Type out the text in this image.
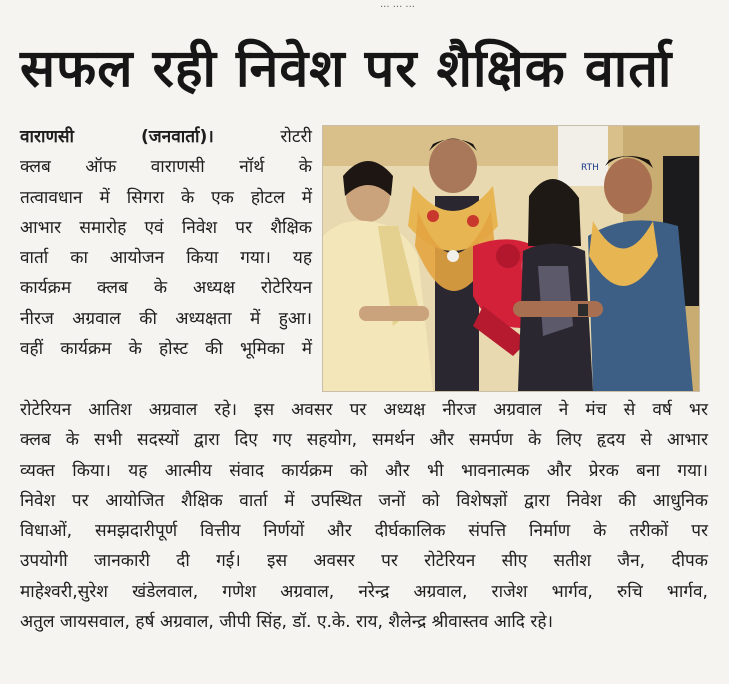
... ... ...
सफल रही निवेश पर शैक्षिक वार्ता
वाराणसी (जनवार्ता)। रोटरी
क्लब ऑफ वाराणसी नॉर्थ के
तत्वावधान में सिगरा के एक होटल में
आभार समारोह एवं निवेश पर शैक्षिक
वार्ता का आयोजन किया गया। यह
कार्यक्रम क्लब के अध्यक्ष रोटेरियन
नीरज अग्रवाल की अध्यक्षता में हुआ।
वहीं कार्यक्रम के होस्ट की भूमिका में
RTH
रोटेरियन आतिश अग्रवाल रहे। इस अवसर पर अध्यक्ष नीरज अग्रवाल ने मंच से वर्ष भर
क्लब के सभी सदस्यों द्वारा दिए गए सहयोग, समर्थन और समर्पण के लिए हृदय से आभार
व्यक्त किया। यह आत्मीय संवाद कार्यक्रम को और भी भावनात्मक और प्रेरक बना गया।
निवेश पर आयोजित शैक्षिक वार्ता में उपस्थित जनों को विशेषज्ञों द्वारा निवेश की आधुनिक
विधाओं, समझदारीपूर्ण वित्तीय निर्णयों और दीर्घकालिक संपत्ति निर्माण के तरीकों पर
उपयोगी जानकारी दी गई। इस अवसर पर रोटेरियन सीए सतीश जैन, दीपक
माहेश्वरी,सुरेश खंडेलवाल, गणेश अग्रवाल, नरेन्द्र अग्रवाल, राजेश भार्गव, रुचि भार्गव,
अतुल जायसवाल, हर्ष अग्रवाल, जीपी सिंह, डॉ. ए.के. राय, शैलेन्द्र श्रीवास्तव आदि रहे।
